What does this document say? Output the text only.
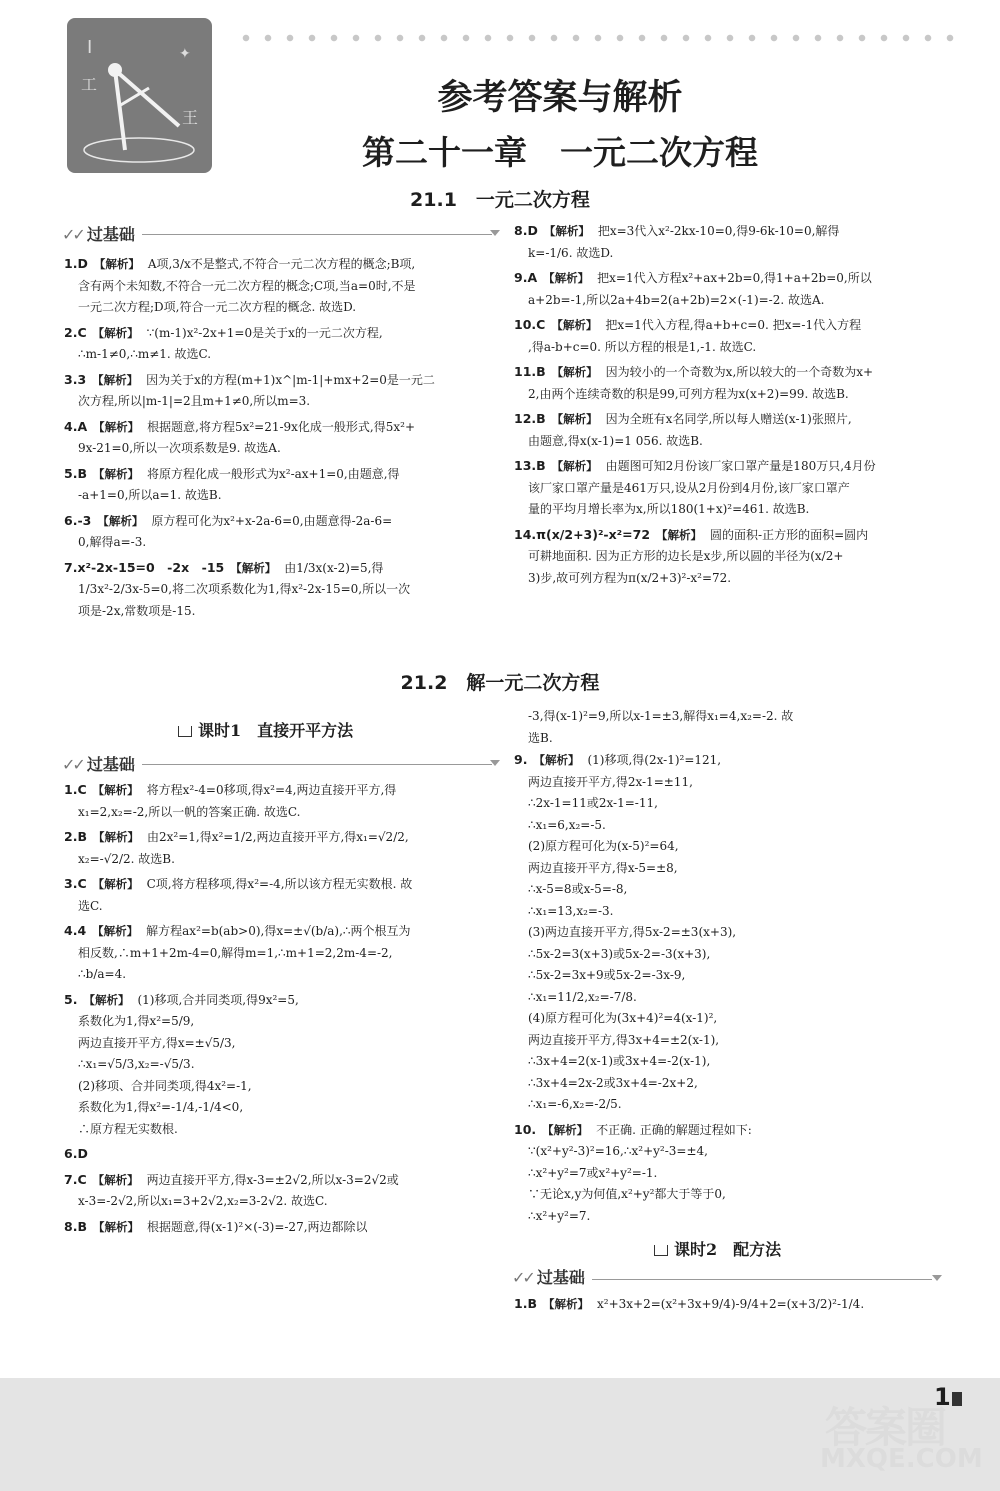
I	✦
工
王	参考答案与解析
第二十一章　一元二次方程
21.1　一元二次方程
✓✓ 过基础

1.D 【解析】 A项,3/x不是整式,不符合一元二次方程的概念;B项,

含有两个未知数,不符合一元二次方程的概念;C项,当a=0时,不是

一元二次方程;D项,符合一元二次方程的概念. 故选D.

2.C 【解析】 ∵(m-1)x²-2x+1=0是关于x的一元二次方程,

∴m-1≠0,∴m≠1. 故选C.

3.3 【解析】 因为关于x的方程(m+1)x^|m-1|+mx+2=0是一元二

次方程,所以|m-1|=2且m+1≠0,所以m=3.

4.A 【解析】 根据题意,将方程5x²=21-9x化成一般形式,得5x²+

9x-21=0,所以一次项系数是9. 故选A.

5.B 【解析】 将原方程化成一般形式为x²-ax+1=0,由题意,得

-a+1=0,所以a=1. 故选B.

6.-3 【解析】 原方程可化为x²+x-2a-6=0,由题意得-2a-6=

0,解得a=-3.

7.x²-2x-15=0　-2x　-15 【解析】 由1/3x(x-2)=5,得

1/3x²-2/3x-5=0,将二次项系数化为1,得x²-2x-15=0,所以一次

项是-2x,常数项是-15.

8.D 【解析】 把x=3代入x²-2kx-10=0,得9-6k-10=0,解得

k=-1/6. 故选D.

9.A 【解析】 把x=1代入方程x²+ax+2b=0,得1+a+2b=0,所以

a+2b=-1,所以2a+4b=2(a+2b)=2×(-1)=-2. 故选A.

10.C 【解析】 把x=1代入方程,得a+b+c=0. 把x=-1代入方程

,得a-b+c=0. 所以方程的根是1,-1. 故选C.

11.B 【解析】 因为较小的一个奇数为x,所以较大的一个奇数为x+

2,由两个连续奇数的积是99,可列方程为x(x+2)=99. 故选B.

12.B 【解析】 因为全班有x名同学,所以每人赠送(x-1)张照片,

由题意,得x(x-1)=1 056. 故选B.

13.B 【解析】 由题图可知2月份该厂家口罩产量是180万只,4月份

该厂家口罩产量是461万只,设从2月份到4月份,该厂家口罩产

量的平均月增长率为x,所以180(1+x)²=461. 故选B.

14.π(x/2+3)²-x²=72 【解析】 圆的面积-正方形的面积=圆内

可耕地面积. 因为正方形的边长是x步,所以圆的半径为(x/2+

3)步,故可列方程为π(x/2+3)²-x²=72.

21.2　解一元二次方程
课时1　直接开平方法
✓✓ 过基础

1.C 【解析】 将方程x²-4=0移项,得x²=4,两边直接开平方,得

x₁=2,x₂=-2,所以一帆的答案正确. 故选C.

2.B 【解析】 由2x²=1,得x²=1/2,两边直接开平方,得x₁=√2/2,

x₂=-√2/2. 故选B.

3.C 【解析】 C项,将方程移项,得x²=-4,所以该方程无实数根. 故

选C.

4.4 【解析】 解方程ax²=b(ab>0),得x=±√(b/a),∴两个根互为

相反数,∴m+1+2m-4=0,解得m=1,∴m+1=2,2m-4=-2,

∴b/a=4.

5. 【解析】 (1)移项,合并同类项,得9x²=5,

系数化为1,得x²=5/9,

两边直接开平方,得x=±√5/3,

∴x₁=√5/3,x₂=-√5/3.

(2)移项、合并同类项,得4x²=-1,

系数化为1,得x²=-1/4,-1/4<0,

∴原方程无实数根.

6.D

7.C 【解析】 两边直接开平方,得x-3=±2√2,所以x-3=2√2或

x-3=-2√2,所以x₁=3+2√2,x₂=3-2√2. 故选C.

8.B 【解析】 根据题意,得(x-1)²×(-3)=-27,两边都除以

-3,得(x-1)²=9,所以x-1=±3,解得x₁=4,x₂=-2. 故

选B.

9. 【解析】 (1)移项,得(2x-1)²=121,

两边直接开平方,得2x-1=±11,

∴2x-1=11或2x-1=-11,

∴x₁=6,x₂=-5.

(2)原方程可化为(x-5)²=64,

两边直接开平方,得x-5=±8,

∴x-5=8或x-5=-8,

∴x₁=13,x₂=-3.

(3)两边直接开平方,得5x-2=±3(x+3),

∴5x-2=3(x+3)或5x-2=-3(x+3),

∴5x-2=3x+9或5x-2=-3x-9,

∴x₁=11/2,x₂=-7/8.

(4)原方程可化为(3x+4)²=4(x-1)²,

两边直接开平方,得3x+4=±2(x-1),

∴3x+4=2(x-1)或3x+4=-2(x-1),

∴3x+4=2x-2或3x+4=-2x+2,

∴x₁=-6,x₂=-2/5.

10. 【解析】 不正确. 正确的解题过程如下:

∵(x²+y²-3)²=16,∴x²+y²-3=±4,

∴x²+y²=7或x²+y²=-1.

∵无论x,y为何值,x²+y²都大于等于0,

∴x²+y²=7.

课时2　配方法
✓✓ 过基础

1.B 【解析】 x²+3x+2=(x²+3x+9/4)-9/4+2=(x+3/2)²-1/4.

1
答案圈
MXQE.COM
